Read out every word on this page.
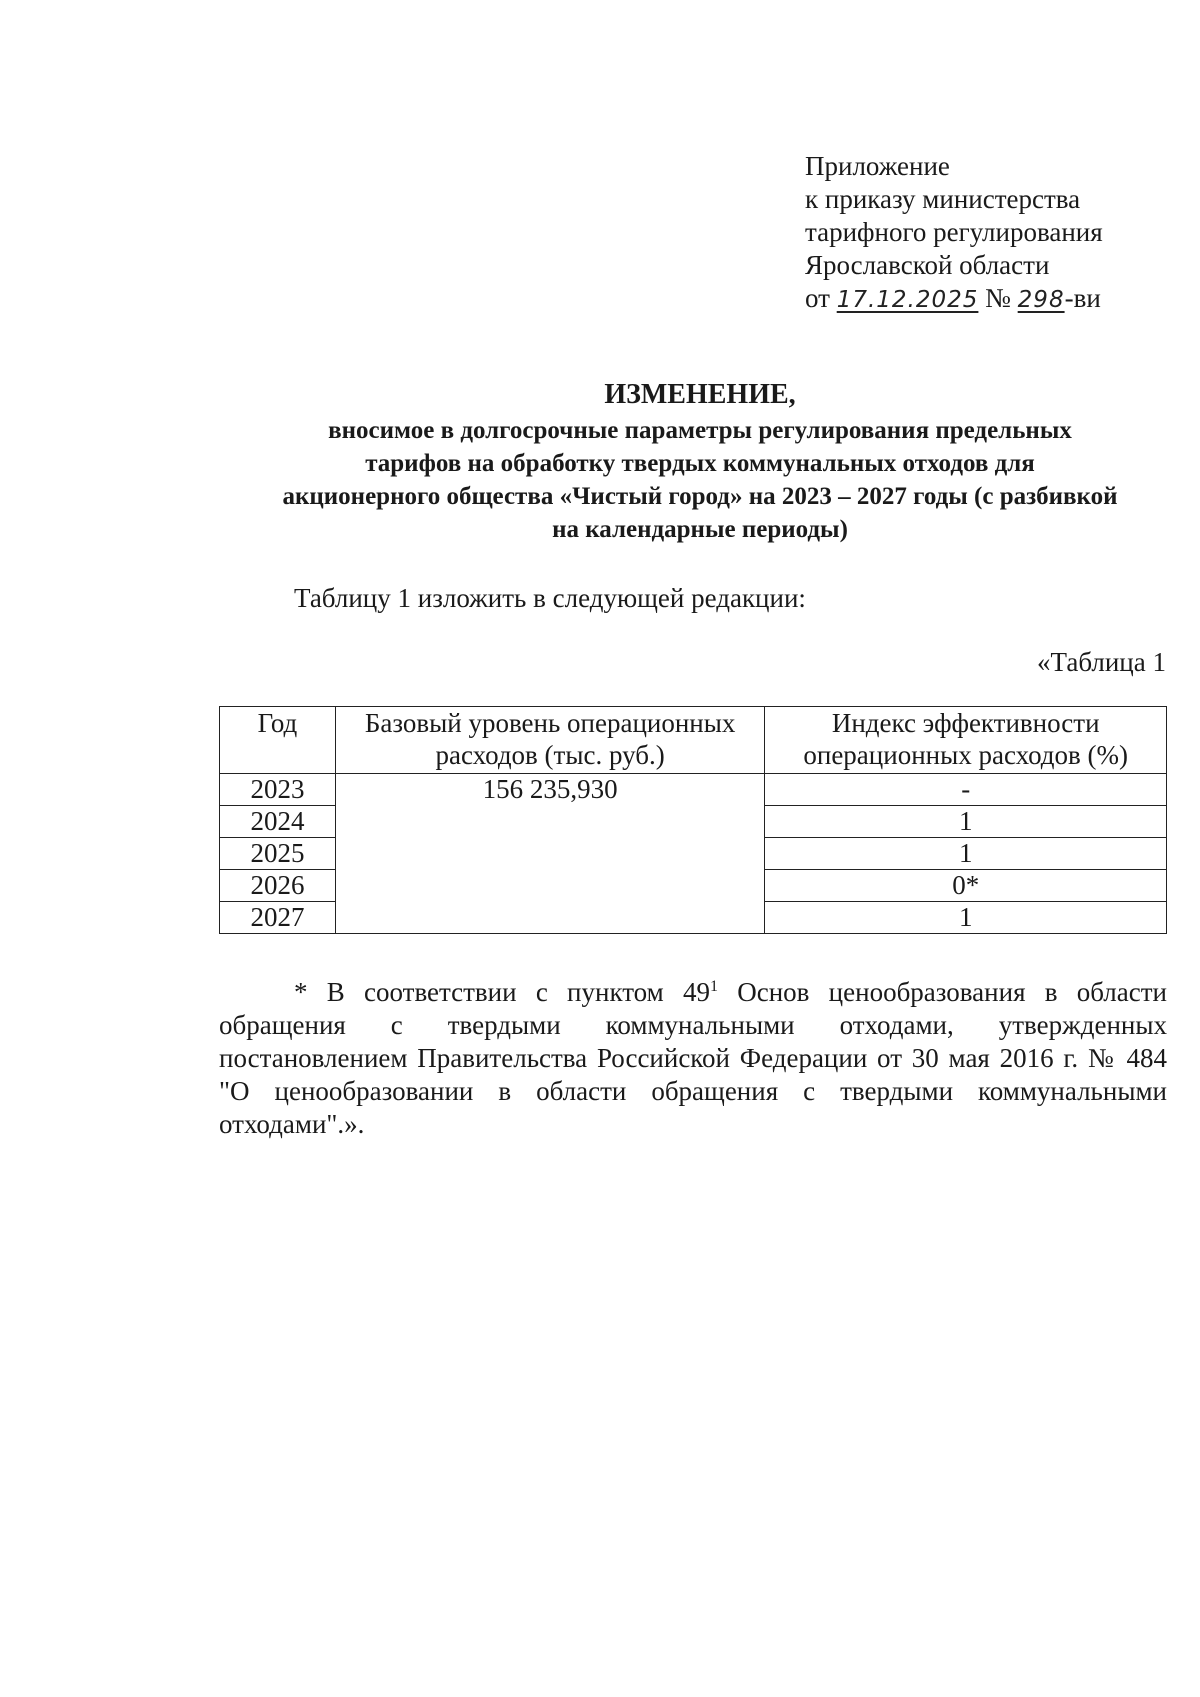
Приложение
к приказу министерства
тарифного регулирования
Ярославской области
от 17.12.2025 № 298-ви
ИЗМЕНЕНИЕ,
вносимое в долгосрочные параметры регулирования предельных
тарифов на обработку твердых коммунальных отходов для
акционерного общества «Чистый город» на 2023 – 2027 годы (с разбивкой
на календарные периоды)
Таблицу 1 изложить в следующей редакции:
«Таблица 1
Год	Базовый уровень операционных расходов (тыс. руб.)	Индекс эффективности операционных расходов (%)
2023	156 235,930	-
2024		1
2025		1
2026		0*
2027		1
* В соответствии с пунктом $49^1$ Основ ценообразования в области обращения с твердыми коммунальными отходами, утвержденных постановлением Правительства Российской Федерации от 30 мая 2016 г. № 484 "О ценообразовании в области обращения с твердыми коммунальными отходами".».
